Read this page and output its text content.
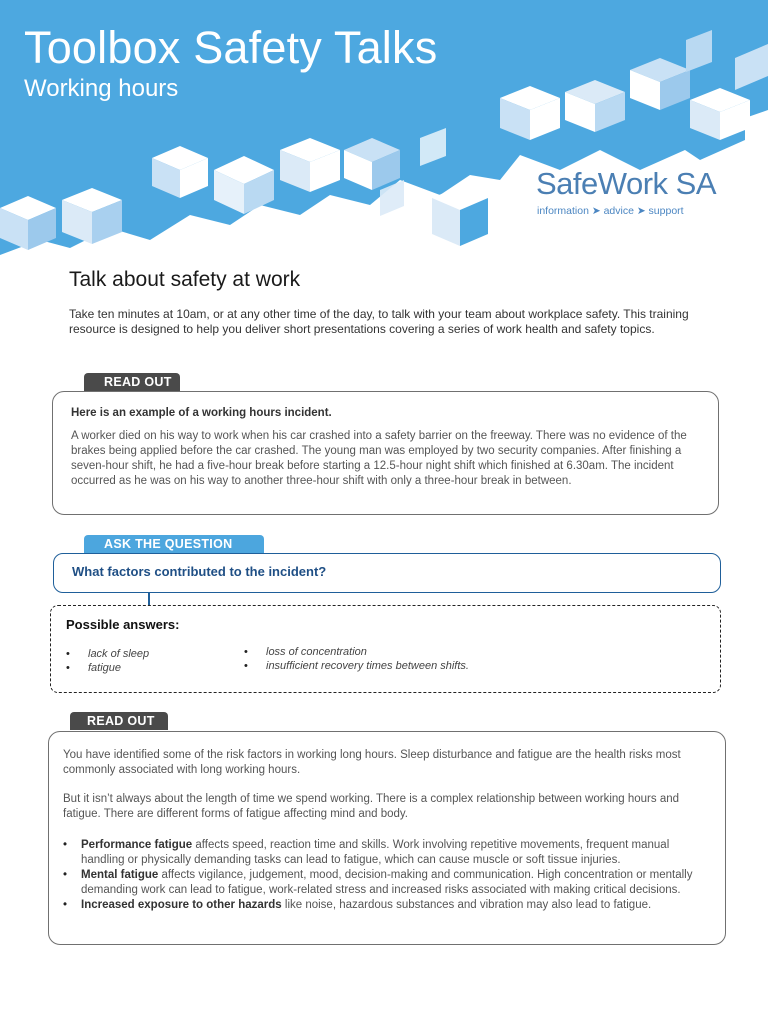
Toolbox Safety Talks
Working hours
SafeWork SA
information ➤ advice ➤ support
Talk about safety at work
Take ten minutes at 10am, or at any other time of the day, to talk with your team about workplace safety. This training resource is designed to help you deliver short presentations covering a series of work health and safety topics.
READ OUT
Here is an example of a working hours incident.
A worker died on his way to work when his car crashed into a safety barrier on the freeway. There was no evidence of the brakes being applied before the car crashed. The young man was employed by two security companies. After finishing a seven-hour shift, he had a five-hour break before starting a 12.5-hour night shift which finished at 6.30am. The incident occurred as he was on his way to another three-hour shift with only a three-hour break in between.
ASK THE QUESTION
What factors contributed to the incident?
Possible answers:
• lack of sleep
• fatigue
• loss of concentration
• insufficient recovery times between shifts.
READ OUT
You have identified some of the risk factors in working long hours. Sleep disturbance and fatigue are the health risks most commonly associated with long working hours.
But it isn’t always about the length of time we spend working. There is a complex relationship between working hours and fatigue. There are different forms of fatigue affecting mind and body.
• Performance fatigue affects speed, reaction time and skills. Work involving repetitive movements, frequent manual handling or physically demanding tasks can lead to fatigue, which can cause muscle or soft tissue injuries.
• Mental fatigue affects vigilance, judgement, mood, decision-making and communication. High concentration or mentally demanding work can lead to fatigue, work-related stress and increased risks associated with making critical decisions.
• Increased exposure to other hazards like noise, hazardous substances and vibration may also lead to fatigue.
